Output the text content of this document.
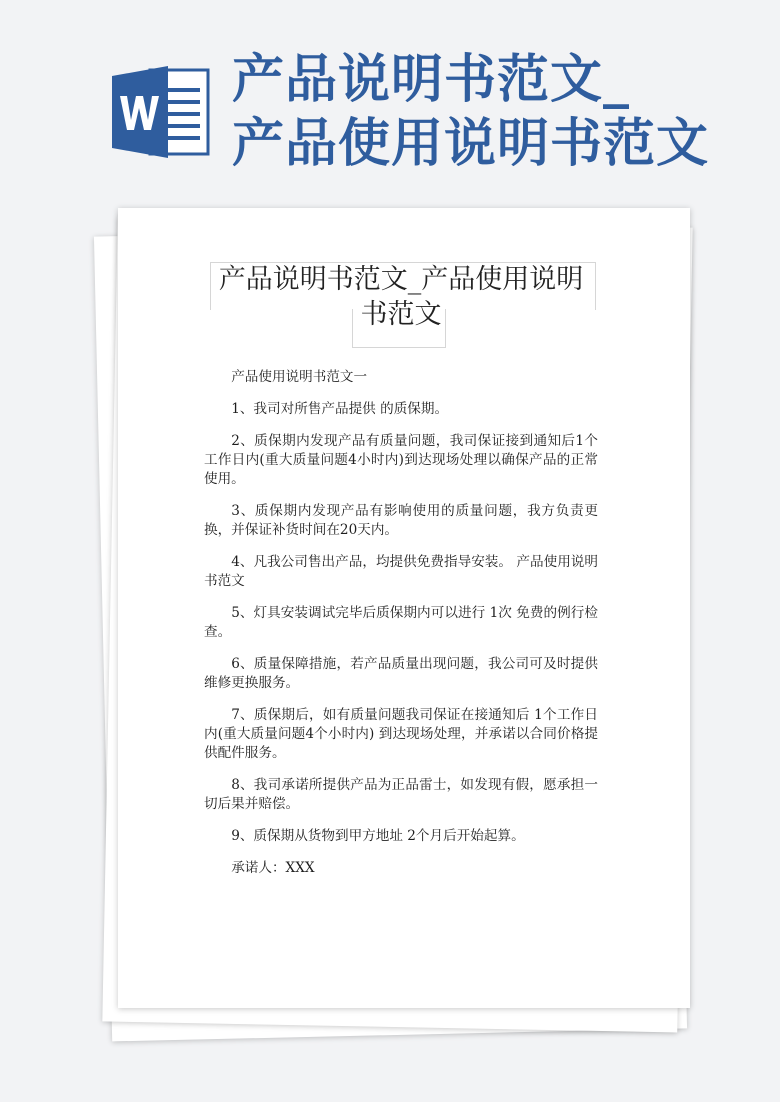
产品说明书范文_
产品使用说明书范文
产品说明书范文_产品使用说明
书范文

产品使用说明书范文一

1、我司对所售产品提供 的质保期。

2、质保期内发现产品有质量问题，我司保证接到通知后1个工作日内(重大质量问题4小时内)到达现场处理以确保产品的正常使用。

3、质保期内发现产品有影响使用的质量问题，我方负责更换，并保证补货时间在20天内。

4、凡我公司售出产品，均提供免费指导安装。 产品使用说明书范文

5、灯具安装调试完毕后质保期内可以进行 1次 免费的例行检查。

6、质量保障措施，若产品质量出现问题，我公司可及时提供维修更换服务。

7、质保期后，如有质量问题我司保证在接通知后 1个工作日内(重大质量问题4个小时内) 到达现场处理，并承诺以合同价格提供配件服务。

8、我司承诺所提供产品为正品雷士，如发现有假，愿承担一切后果并赔偿。

9、质保期从货物到甲方地址 2个月后开始起算。

承诺人：XXX
